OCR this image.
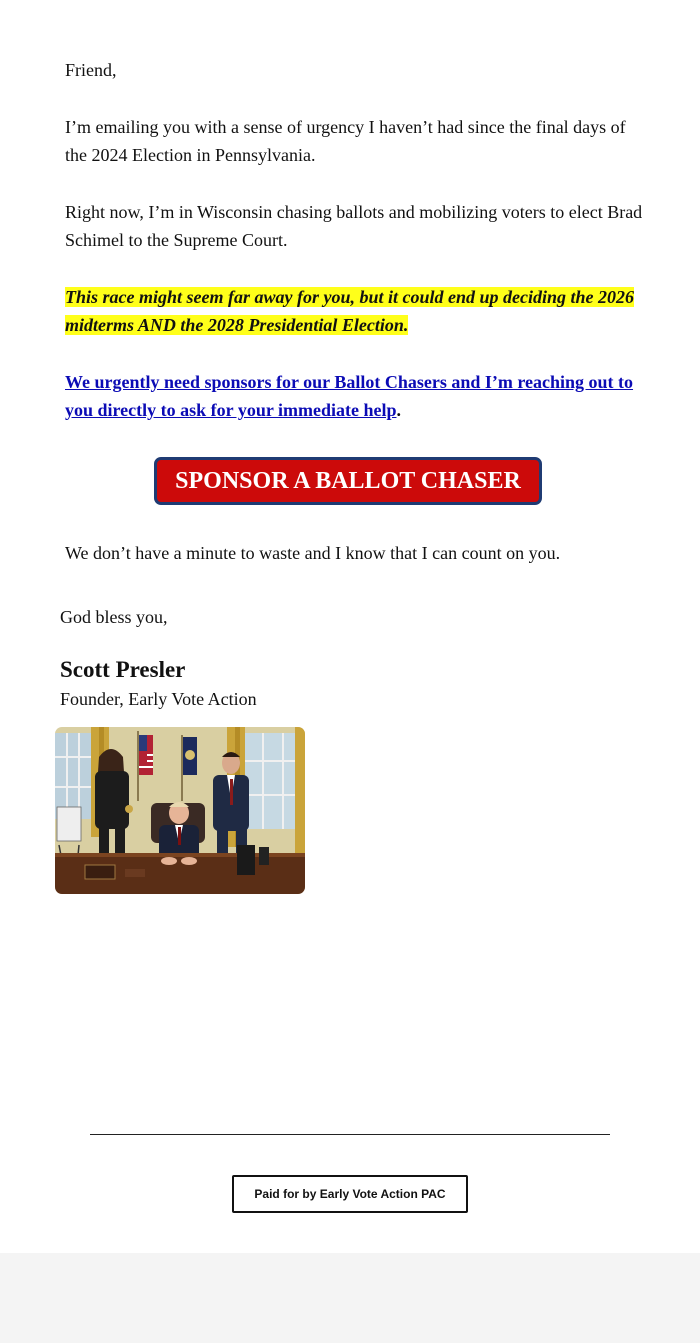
Friend,

I’m emailing you with a sense of urgency I haven’t had since the final days of the 2024 Election in Pennsylvania.

Right now, I’m in Wisconsin chasing ballots and mobilizing voters to elect Brad Schimel to the Supreme Court.

This race might seem far away for you, but it could end up deciding the 2026 midterms AND the 2028 Presidential Election.

We urgently need sponsors for our Ballot Chasers and I’m reaching out to you directly to ask for your immediate help.

SPONSOR A BALLOT CHASER

We don’t have a minute to waste and I know that I can count on you.

God bless you,
Scott Presler
Founder, Early Vote Action
Paid for by Early Vote Action PAC
